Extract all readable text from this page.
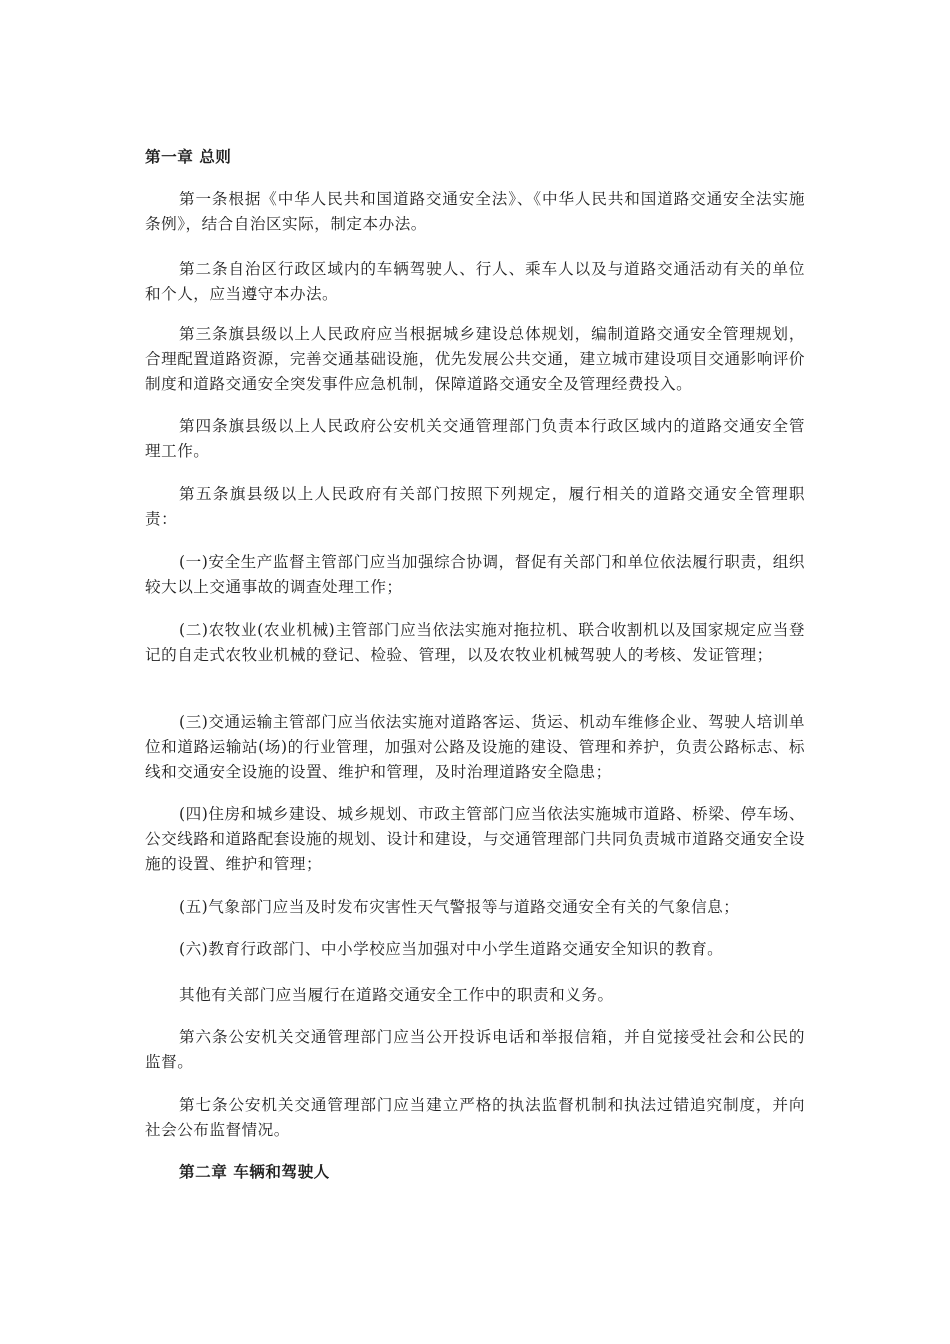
第一章 总则
第一条根据《中华人民共和国道路交通安全法》、《中华人民共和国道路交通安全法实施条例》，结合自治区实际，制定本办法。
第二条自治区行政区域内的车辆驾驶人、行人、乘车人以及与道路交通活动有关的单位和个人，应当遵守本办法。
第三条旗县级以上人民政府应当根据城乡建设总体规划，编制道路交通安全管理规划，合理配置道路资源，完善交通基础设施，优先发展公共交通，建立城市建设项目交通影响评价制度和道路交通安全突发事件应急机制，保障道路交通安全及管理经费投入。
第四条旗县级以上人民政府公安机关交通管理部门负责本行政区域内的道路交通安全管理工作。
第五条旗县级以上人民政府有关部门按照下列规定，履行相关的道路交通安全管理职责：
(一)安全生产监督主管部门应当加强综合协调，督促有关部门和单位依法履行职责，组织较大以上交通事故的调查处理工作；
(二)农牧业(农业机械)主管部门应当依法实施对拖拉机、联合收割机以及国家规定应当登记的自走式农牧业机械的登记、检验、管理，以及农牧业机械驾驶人的考核、发证管理；
(三)交通运输主管部门应当依法实施对道路客运、货运、机动车维修企业、驾驶人培训单位和道路运输站(场)的行业管理，加强对公路及设施的建设、管理和养护，负责公路标志、标线和交通安全设施的设置、维护和管理，及时治理道路安全隐患；
(四)住房和城乡建设、城乡规划、市政主管部门应当依法实施城市道路、桥梁、停车场、公交线路和道路配套设施的规划、设计和建设，与交通管理部门共同负责城市道路交通安全设施的设置、维护和管理；
(五)气象部门应当及时发布灾害性天气警报等与道路交通安全有关的气象信息；
(六)教育行政部门、中小学校应当加强对中小学生道路交通安全知识的教育。
其他有关部门应当履行在道路交通安全工作中的职责和义务。
第六条公安机关交通管理部门应当公开投诉电话和举报信箱，并自觉接受社会和公民的监督。
第七条公安机关交通管理部门应当建立严格的执法监督机制和执法过错追究制度，并向社会公布监督情况。
第二章 车辆和驾驶人
